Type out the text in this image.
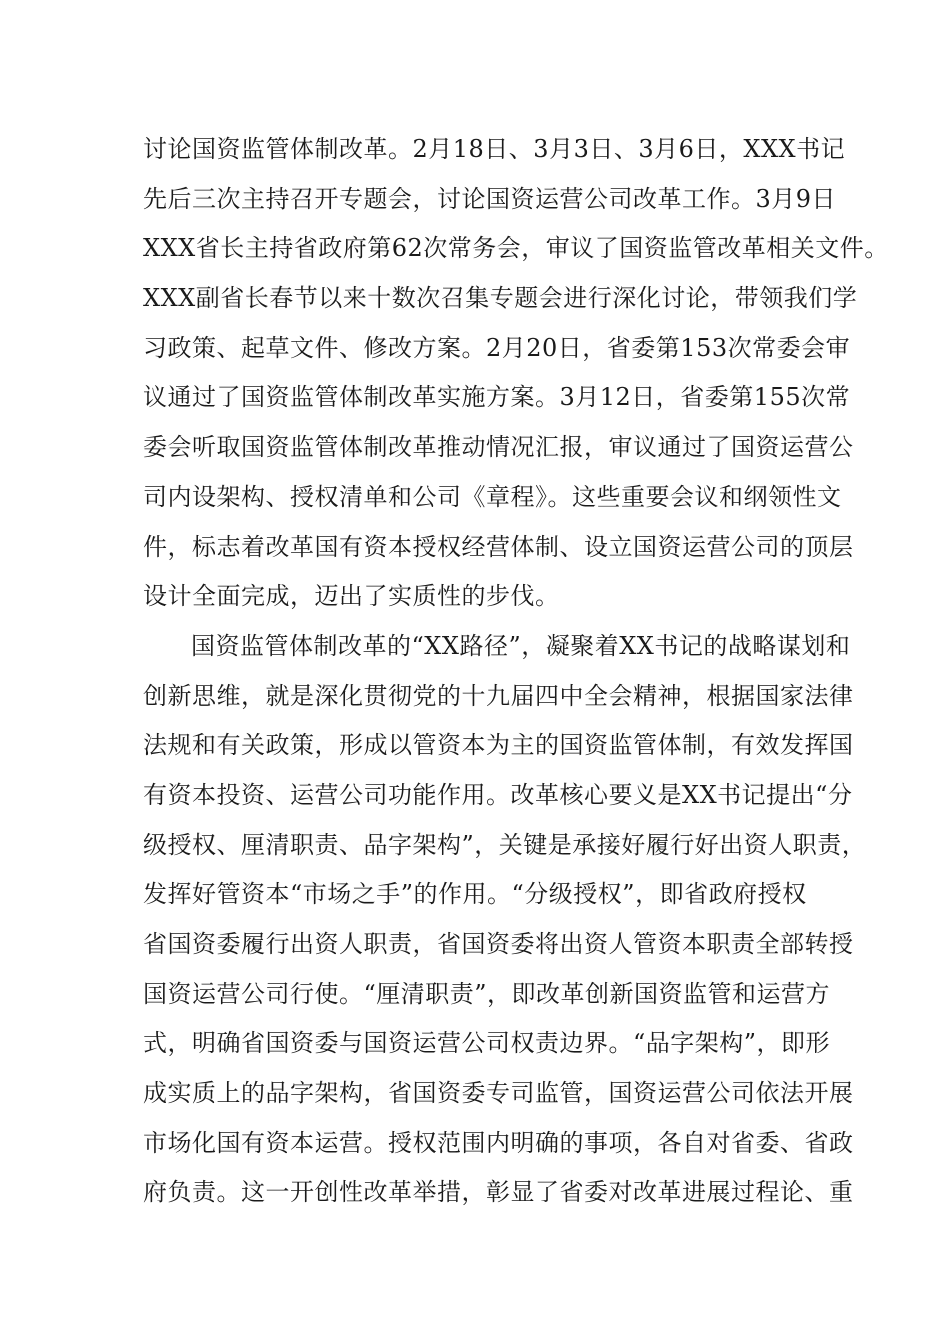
讨论国资监管体制改革。2月18日、3月3日、3月6日，XXX书记
先后三次主持召开专题会，讨论国资运营公司改革工作。3月9日
XXX省长主持省政府第62次常务会，审议了国资监管改革相关文件。
XXX副省长春节以来十数次召集专题会进行深化讨论，带领我们学
习政策、起草文件、修改方案。2月20日，省委第153次常委会审
议通过了国资监管体制改革实施方案。3月12日，省委第155次常
委会听取国资监管体制改革推动情况汇报，审议通过了国资运营公
司内设架构、授权清单和公司《章程》。这些重要会议和纲领性文
件，标志着改革国有资本授权经营体制、设立国资运营公司的顶层
设计全面完成，迈出了实质性的步伐。
国资监管体制改革的“XX路径”，凝聚着XX书记的战略谋划和
创新思维，就是深化贯彻党的十九届四中全会精神，根据国家法律
法规和有关政策，形成以管资本为主的国资监管体制，有效发挥国
有资本投资、运营公司功能作用。改革核心要义是XX书记提出“分
级授权、厘清职责、品字架构”，关键是承接好履行好出资人职责，
发挥好管资本“市场之手”的作用。“分级授权”，即省政府授权
省国资委履行出资人职责，省国资委将出资人管资本职责全部转授
国资运营公司行使。“厘清职责”，即改革创新国资监管和运营方
式，明确省国资委与国资运营公司权责边界。“品字架构”，即形
成实质上的品字架构，省国资委专司监管，国资运营公司依法开展
市场化国有资本运营。授权范围内明确的事项，各自对省委、省政
府负责。这一开创性改革举措，彰显了省委对改革进展过程论、重
